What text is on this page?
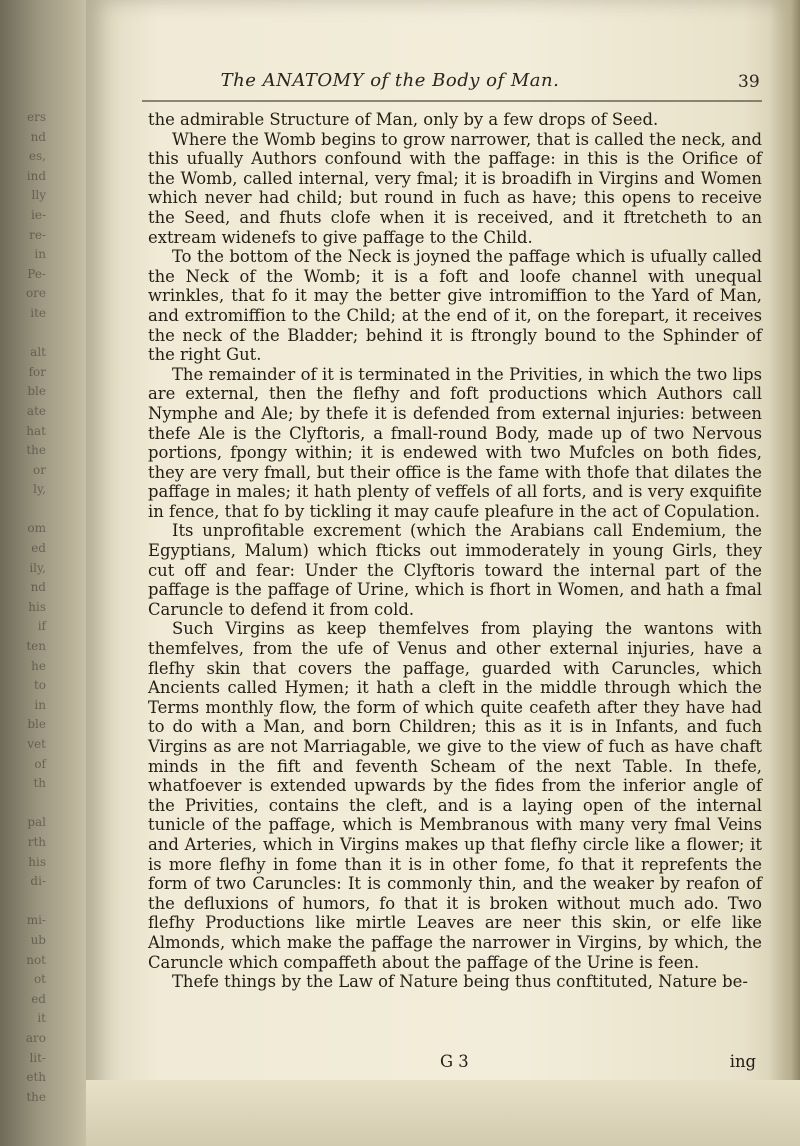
ers
nd
es,
ind
lly
ie-
re-
in
Pe-
ore
ite
alt
for
ble
ate
hat
the
or
ly,
om
ed
ily,
nd
his
if
ten
he
to
in
ble
vet
of
th
pal
rth
his
di-
mi-
ub
not
ot
ed
it
aro
lit-
eth
the
The ANATOMY of the Body of Man.	39

the admirable Structure of Man, only by a few drops of Seed.

Where the Womb begins to grow narrower, that is called the neck, and this ufually Authors confound with the paffage: in this is the Orifice of the Womb, called internal, very fmal; it is broadifh in Virgins and Women which never had child; but round in fuch as have; this opens to receive the Seed, and fhuts clofe when it is received, and it ftretcheth to an extream widenefs to give paffage to the Child.

To the bottom of the Neck is joyned the paffage which is ufually called the Neck of the Womb; it is a foft and loofe channel with unequal wrinkles, that fo it may the better give intromiffion to the Yard of Man, and extromiffion to the Child; at the end of it, on the forepart, it receives the neck of the Bladder; behind it is ftrongly bound to the Sphinder of the right Gut.

The remainder of it is terminated in the Privities, in which the two lips are external, then the flefhy and foft productions which Authors call Nymphe and Ale; by thefe it is defended from external injuries: between thefe Ale is the Clyftoris, a fmall-round Body, made up of two Nervous portions, fpongy within; it is endewed with two Mufcles on both fides, they are very fmall, but their office is the fame with thofe that dilates the paffage in males; it hath plenty of veffels of all forts, and is very exquifite in fence, that fo by tickling it may caufe pleafure in the act of Copulation.

Its unprofitable excrement (which the Arabians call Endemium, the Egyptians, Malum) which fticks out immoderately in young Girls, they cut off and fear: Under the Clyftoris toward the internal part of the paffage is the paffage of Urine, which is fhort in Women, and hath a fmal Caruncle to defend it from cold.

Such Virgins as keep themfelves from playing the wantons with themfelves, from the ufe of Venus and other external injuries, have a flefhy skin that covers the paffage, guarded with Caruncles, which Ancients called Hymen; it hath a cleft in the middle through which the Terms monthly flow, the form of which quite ceafeth after they have had to do with a Man, and born Children; this as it is in Infants, and fuch Virgins as are not Marriagable, we give to the view of fuch as have chaft minds in the fift and feventh Scheam of the next Table. In thefe, whatfoever is extended upwards by the fides from the inferior angle of the Privities, contains the cleft, and is a laying open of the internal tunicle of the paffage, which is Membranous with many very fmal Veins and Arteries, which in Virgins makes up that flefhy circle like a flower; it is more flefhy in fome than it is in other fome, fo that it reprefents the form of two Caruncles: It is commonly thin, and the weaker by reafon of the defluxions of humors, fo that it is broken without much ado. Two flefhy Productions like mirtle Leaves are neer this skin, or elfe like Almonds, which make the paffage the narrower in Virgins, by which, the Caruncle which compaffeth about the paffage of the Urine is feen.

Thefe things by the Law of Nature being thus conftituted, Nature be-

G 3	ing
